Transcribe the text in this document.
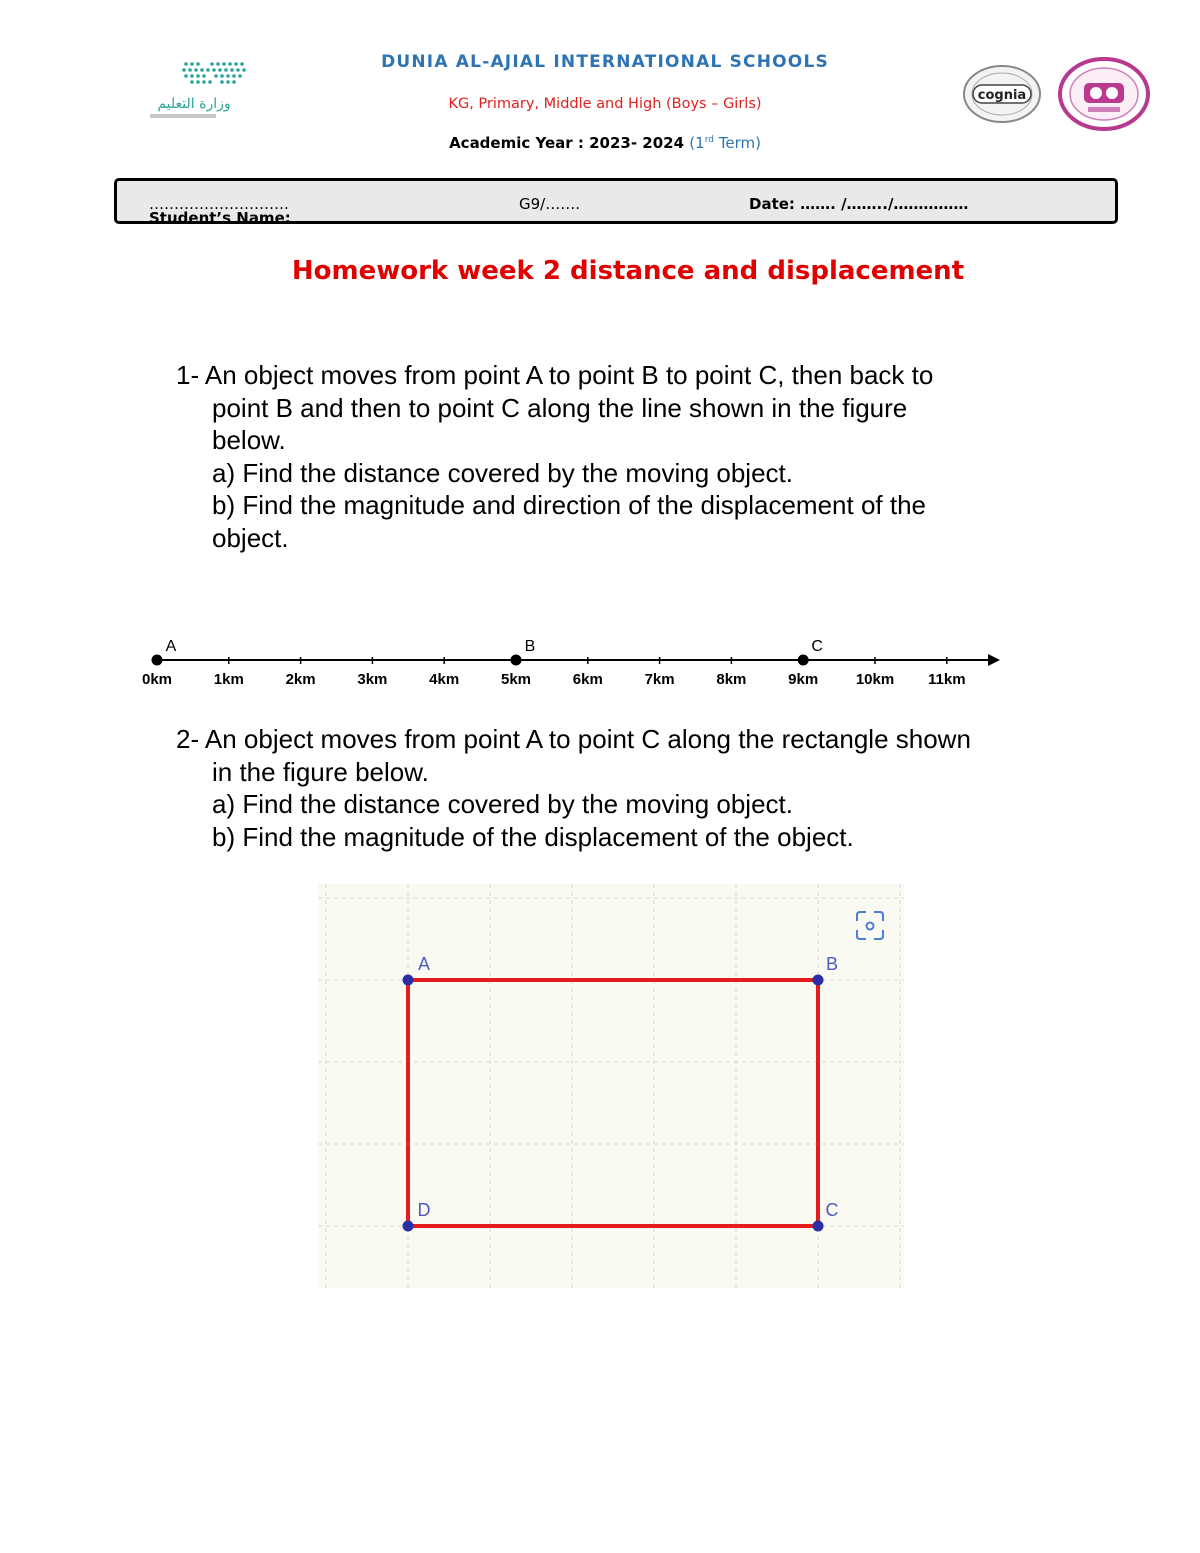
وزارة التعليم
DUNIA AL-AJIAL INTERNATIONAL SCHOOLS
KG, Primary, Middle and High (Boys – Girls)
Academic Year : 2023- 2024 (1rd Term)
cognia
Student’s Name:
……………………….	G9/…….	Date: ……. /……../……………
Homework week 2 distance and displacement
1- An object moves from point A to point B to point C, then back to
point B and then to point C along the line shown in the figure
below.
a) Find the distance covered by the moving object.
b) Find the magnitude and direction of the displacement of the
object.
0km	1km	2km	3km	4km	5km	6km	7km	8km	9km	10km 11km
A	B	C
2- An object moves from point A to point C along the rectangle shown
in the figure below.
a) Find the distance covered by the moving object.
b) Find the magnitude of the displacement of the object.
A	B
C
D
